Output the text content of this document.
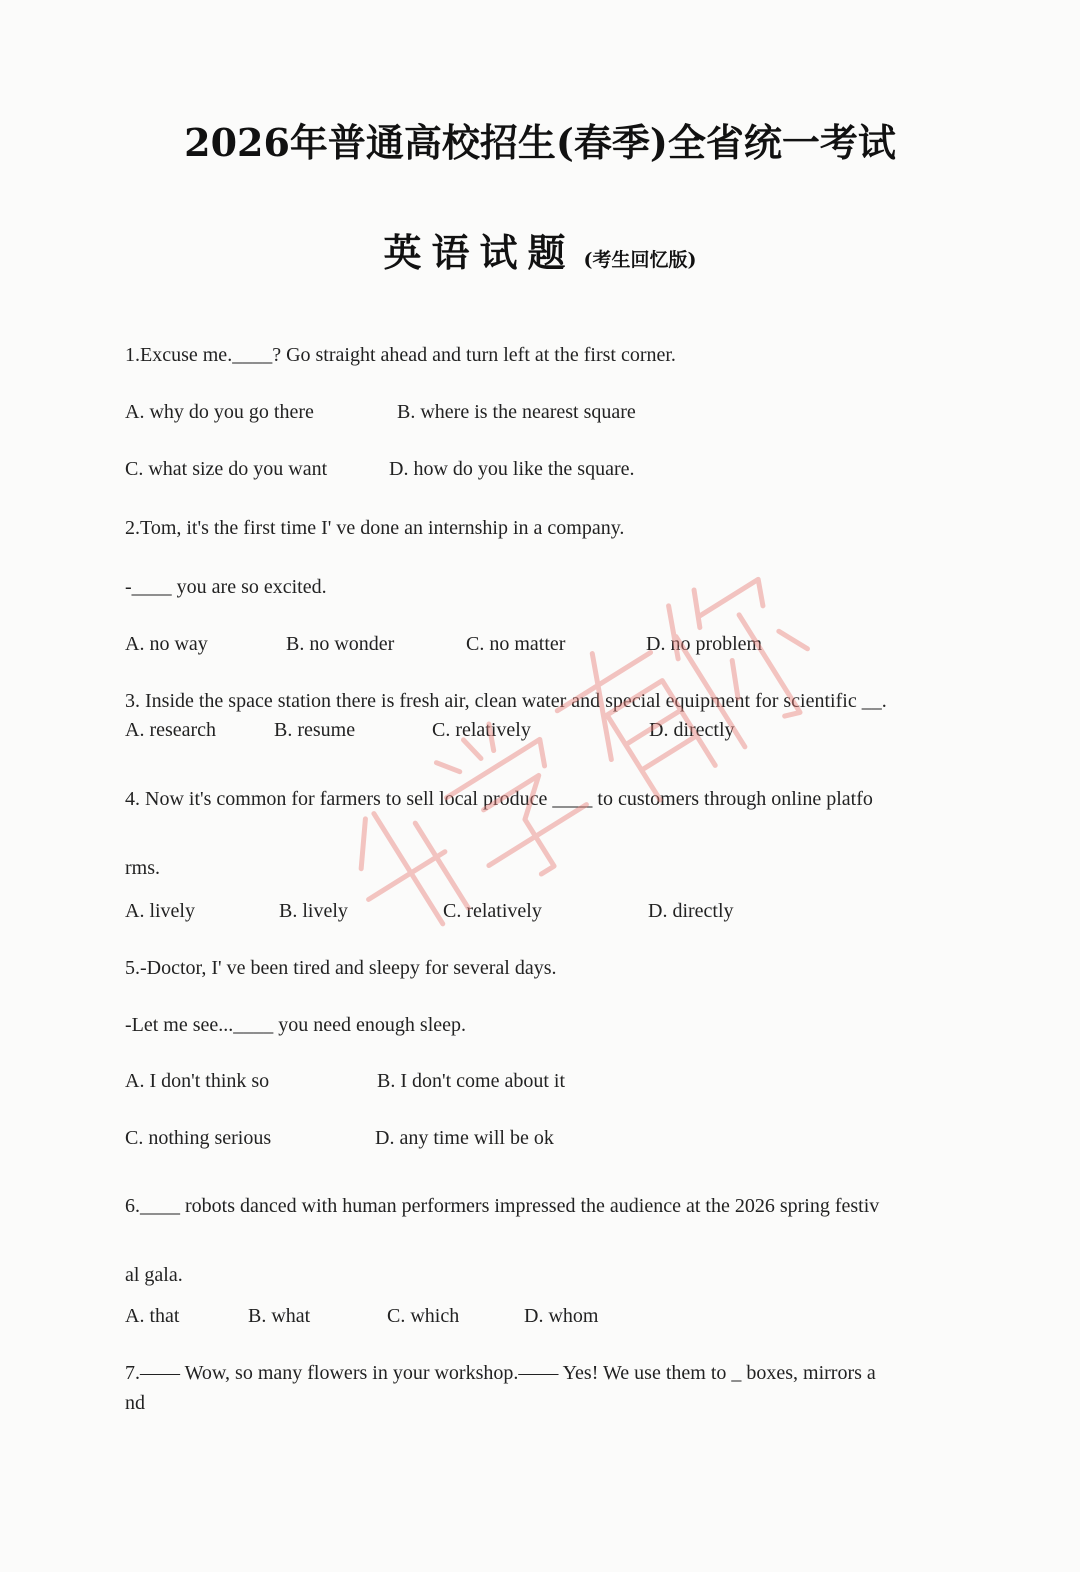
2026年普通高校招生(春季)全省统一考试
英语试题 (考生回忆版)
1.Excuse me.____? Go straight ahead and turn left at the first corner.
A. why do you go there	B. where is the nearest square
C. what size do you want	D. how do you like the square.
2.Tom, it's the first time I' ve done an internship in a company.
-____ you are so excited.
A. no way	B. no wonder	C. no matter	D. no problem
3. Inside the space station there is fresh air, clean water and special equipment for scientific __.
A. research	B. resume	C. relatively	D. directly
4. Now it's common for farmers to sell local produce ____ to customers through online platfo
rms.
A. lively	B. lively	C. relatively	D. directly
5.-Doctor, I' ve been tired and sleepy for several days.
-Let me see...____ you need enough sleep.
A. I don't think so	B. I don't come about it
C. nothing serious	D. any time will be ok
6.____ robots danced with human performers impressed the audience at the 2026 spring festiv
al gala.
A. that	B. what	C. which	D. whom
7.—— Wow, so many flowers in your workshop.—— Yes! We use them to _ boxes, mirrors a
nd
